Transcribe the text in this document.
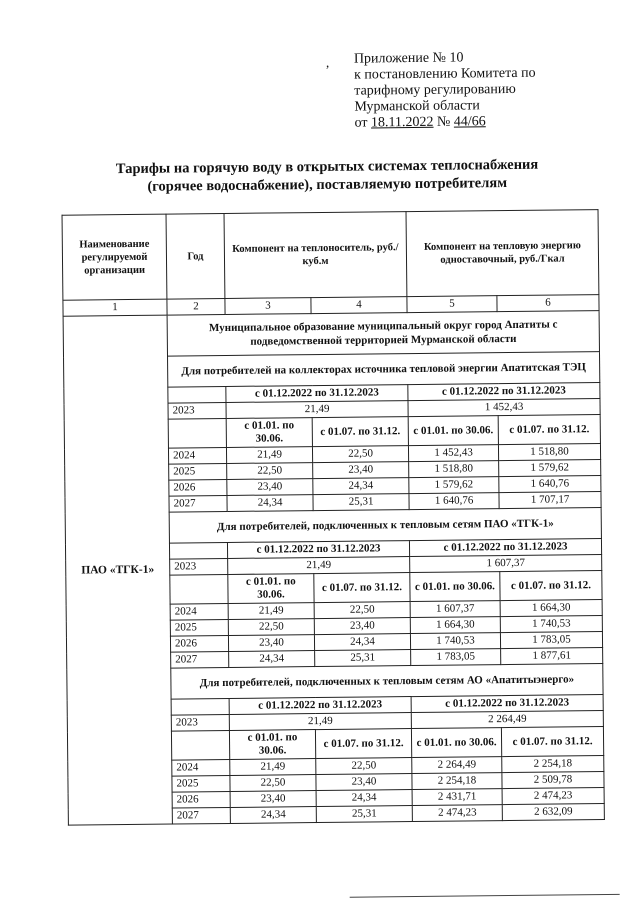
, Приложение № 10
к постановлению Комитета по
тарифному регулированию
Мурманской области
от 18.11.2022 № 44/66
Тарифы на горячую воду в открытых системах теплоснабжения
(горячее водоснабжение), поставляемую потребителям
Наименование регулируемой организации	Год	Компонент на теплоноситель, руб./куб.м		Компонент на тепловую энергию одноставочный, руб./Гкал	
1	2	3	4	5	6
ПАО «ТГК-1»	Муниципальное образование муниципальный округ город Апатиты с подведомственной территорией Мурманской области				
	Для потребителей на коллекторах источника тепловой энергии Апатитская ТЭЦ				
		с 01.12.2022 по 31.12.2023		с 01.12.2022 по 31.12.2023	
	2023	21,49		1 452,43	
		с 01.01. по 30.06.	с 01.07. по 31.12.	с 01.01. по 30.06.	с 01.07. по 31.12.
	2024	21,49	22,50	1 452,43	1 518,80
	2025	22,50	23,40	1 518,80	1 579,62
	2026	23,40	24,34	1 579,62	1 640,76
	2027	24,34	25,31	1 640,76	1 707,17
	Для потребителей, подключенных к тепловым сетям ПАО «ТГК-1»				
		с 01.12.2022 по 31.12.2023		с 01.12.2022 по 31.12.2023	
	2023	21,49		1 607,37	
		с 01.01. по 30.06.	с 01.07. по 31.12.	с 01.01. по 30.06.	с 01.07. по 31.12.
	2024	21,49	22,50	1 607,37	1 664,30
	2025	22,50	23,40	1 664,30	1 740,53
	2026	23,40	24,34	1 740,53	1 783,05
	2027	24,34	25,31	1 783,05	1 877,61
	Для потребителей, подключенных к тепловым сетям АО «Апатитыэнерго»				
		с 01.12.2022 по 31.12.2023		с 01.12.2022 по 31.12.2023	
	2023	21,49		2 264,49	
		с 01.01. по 30.06.	с 01.07. по 31.12.	с 01.01. по 30.06.	с 01.07. по 31.12.
	2024	21,49	22,50	2 264,49	2 254,18
	2025	22,50	23,40	2 254,18	2 509,78
	2026	23,40	24,34	2 431,71	2 474,23
	2027	24,34	25,31	2 474,23	2 632,09
